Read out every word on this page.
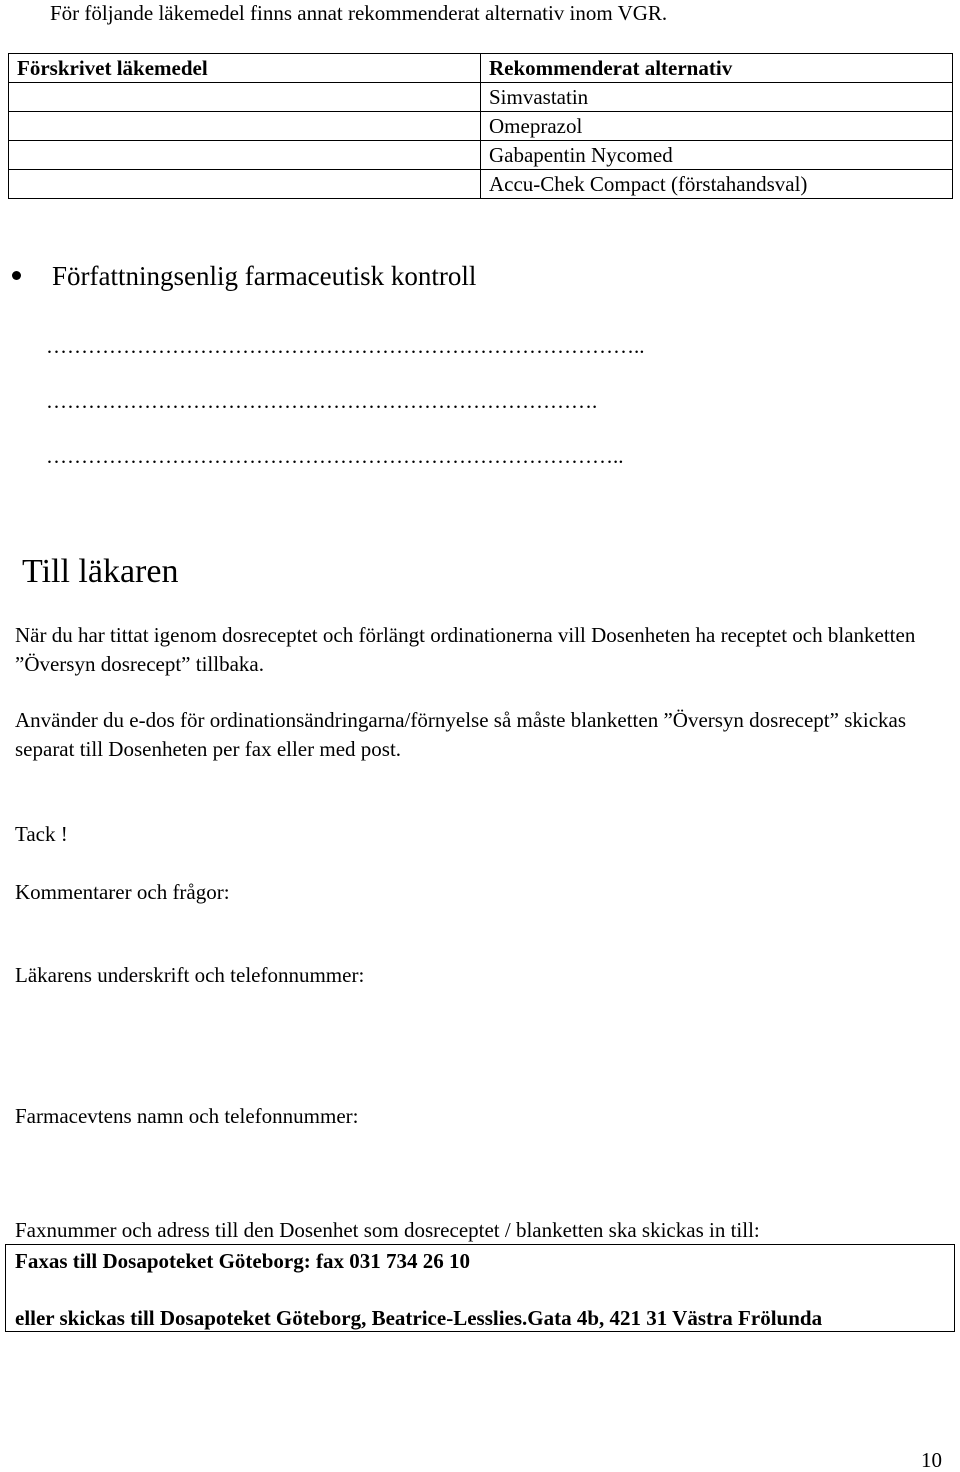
För följande läkemedel finns annat rekommenderat alternativ inom VGR.
Förskrivet läkemedel	Rekommenderat alternativ
	Simvastatin
	Omeprazol
	Gabapentin Nycomed
	Accu-Chek Compact (förstahandsval)
Författningsenlig farmaceutisk kontroll
…………………………………………………………………………..
…………………………………………………………………….
………………………………………………………………………..
Till läkaren
När du har tittat igenom dosreceptet och förlängt ordinationerna vill Dosenheten ha receptet och blanketten ”Översyn dosrecept” tillbaka.
Använder du e-dos för ordinationsändringarna/förnyelse så måste blanketten ”Översyn dosrecept” skickas separat till Dosenheten per fax eller med post.
Tack !
Kommentarer och frågor:
Läkarens underskrift och telefonnummer:
Farmacevtens namn och telefonnummer:
Faxnummer och adress till den Dosenhet som dosreceptet / blanketten ska skickas in till:
Faxas till Dosapoteket Göteborg: fax 031 734 26 10
eller skickas till Dosapoteket Göteborg, Beatrice-Lesslies.Gata 4b, 421 31 Västra Frölunda
10
